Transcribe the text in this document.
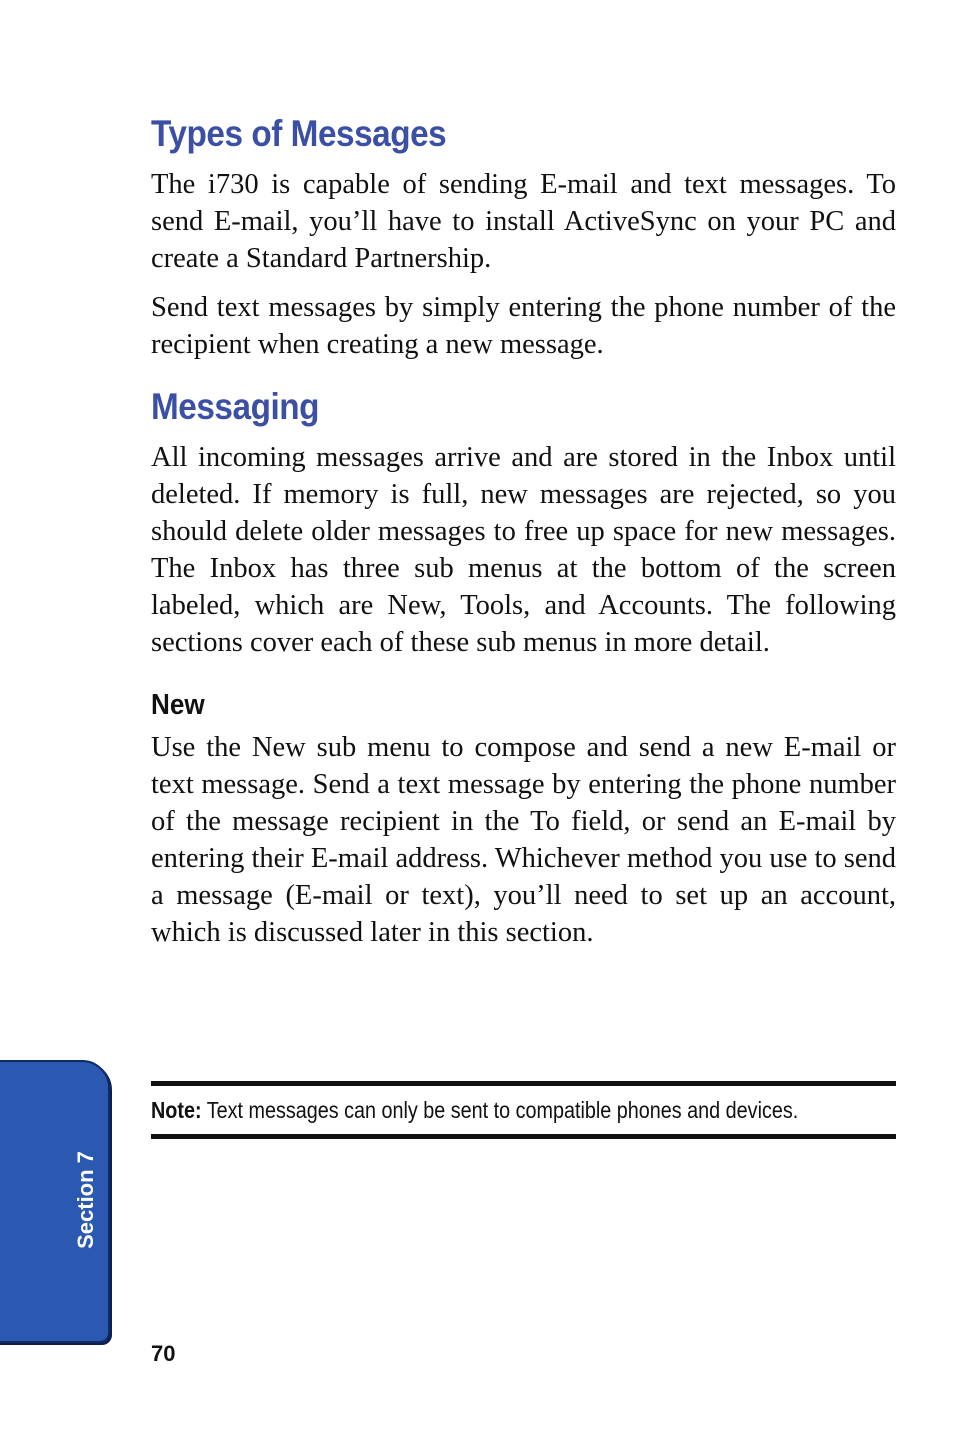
Types of Messages

The i730 is capable of sending E-mail and text messages. To send E-mail, you’ll have to install ActiveSync on your PC and create a Standard Partnership.

Send text messages by simply entering the phone number of the recipient when creating a new message.

Messaging

All incoming messages arrive and are stored in the Inbox until deleted. If memory is full, new messages are rejected, so you should delete older messages to free up space for new messages. The Inbox has three sub menus at the bottom of the screen labeled, which are New, Tools, and Accounts. The following sections cover each of these sub menus in more detail.

New

Use the New sub menu to compose and send a new E-mail or text message. Send a text message by entering the phone number of the message recipient in the To field, or send an E-mail by entering their E-mail address. Whichever method you use to send a message (E-mail or text), you’ll need to set up an account, which is discussed later in this section.

Note: Text messages can only be sent to compatible phones and devices.
Section 7
70
